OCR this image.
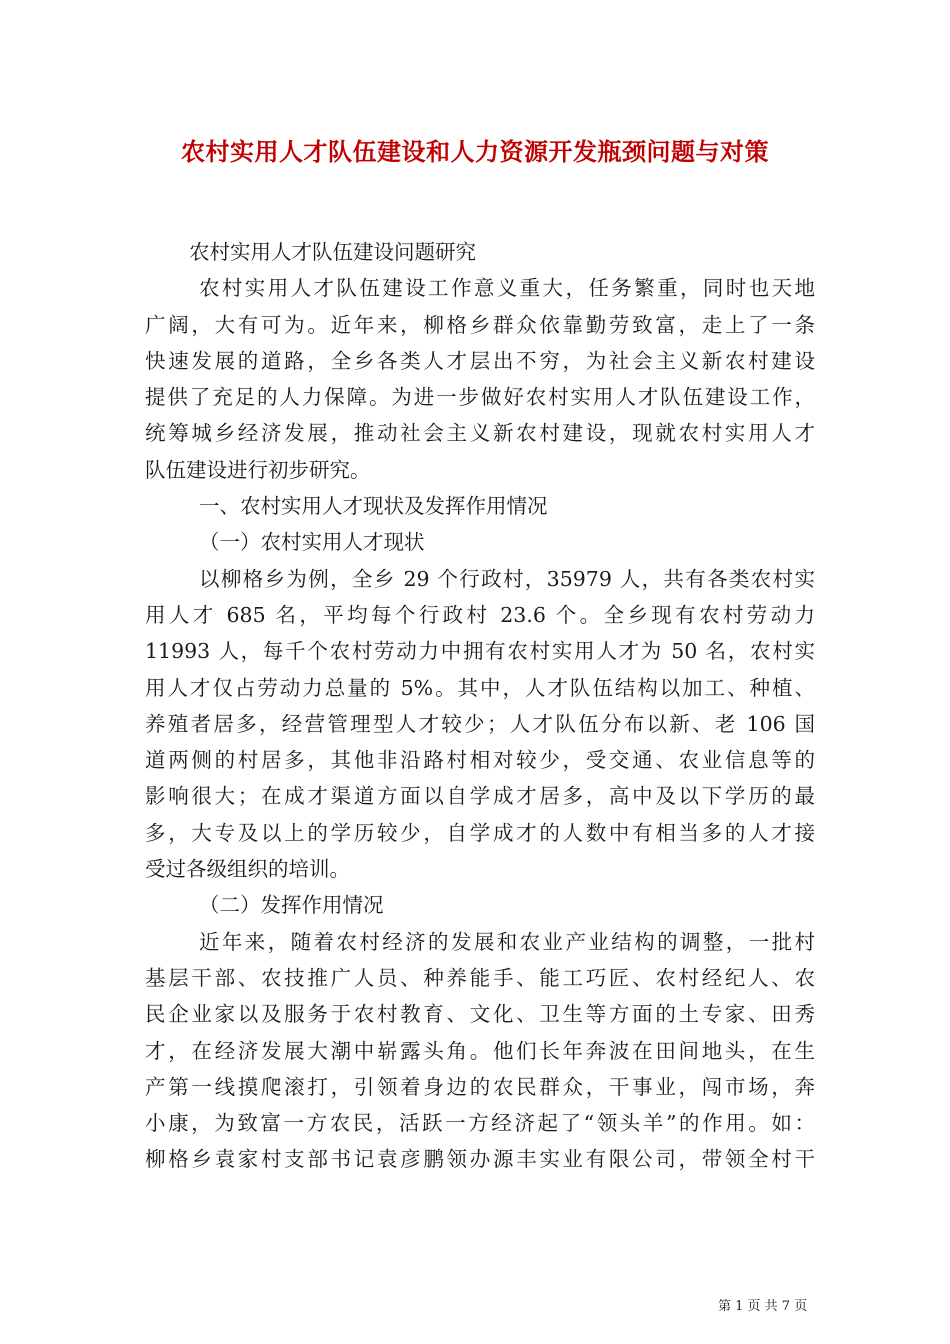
农村实用人才队伍建设和人力资源开发瓶颈问题与对策
农村实用人才队伍建设问题研究
农村实用人才队伍建设工作意义重大，任务繁重，同时也天地
广阔，大有可为。近年来，柳格乡群众依靠勤劳致富，走上了一条
快速发展的道路，全乡各类人才层出不穷，为社会主义新农村建设
提供了充足的人力保障。为进一步做好农村实用人才队伍建设工作，
统筹城乡经济发展，推动社会主义新农村建设，现就农村实用人才
队伍建设进行初步研究。
一、农村实用人才现状及发挥作用情况
（一）农村实用人才现状
以柳格乡为例，全乡 29 个行政村，35979 人，共有各类农村实
用人才 685 名，平均每个行政村 23.6 个。全乡现有农村劳动力
11993 人，每千个农村劳动力中拥有农村实用人才为 50 名，农村实
用人才仅占劳动力总量的 5%。其中，人才队伍结构以加工、种植、
养殖者居多，经营管理型人才较少；人才队伍分布以新、老 106 国
道两侧的村居多，其他非沿路村相对较少，受交通、农业信息等的
影响很大；在成才渠道方面以自学成才居多，高中及以下学历的最
多，大专及以上的学历较少，自学成才的人数中有相当多的人才接
受过各级组织的培训。
（二）发挥作用情况
近年来，随着农村经济的发展和农业产业结构的调整，一批村
基层干部、农技推广人员、种养能手、能工巧匠、农村经纪人、农
民企业家以及服务于农村教育、文化、卫生等方面的土专家、田秀
才，在经济发展大潮中崭露头角。他们长年奔波在田间地头，在生
产第一线摸爬滚打，引领着身边的农民群众，干事业，闯市场，奔
小康，为致富一方农民，活跃一方经济起了“领头羊”的作用。如：
柳格乡袁家村支部书记袁彦鹏领办源丰实业有限公司，带领全村干
第 1 页 共 7 页
